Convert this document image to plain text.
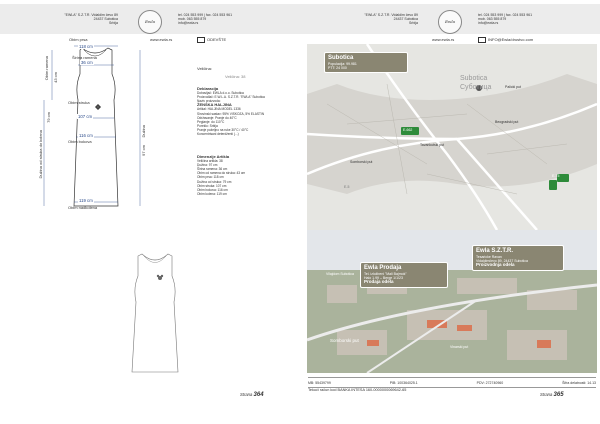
"EWLA" S.Z.T.R. Vidaldim čevo 89
24437 Subotica
Srbija	Ewla
tel. 024 553 999 | fax. 024 553 961
mob. 063 555 879
info@ewla.rs
www.ewla.rs	ODEVŠTE
Obim prsa
118 cm
Širina ramena
36 cm
Obim struka
107 cm
116 cm
Obim bokova
119 cm
Obim nadkolena
Obim ramena 43 cm
Dužina od struka do kolena
79 cm
Dužina
97 cm
Veličina:
Veličina: 38
Deklaracija
Dobavljač: EWLA d.o.o. Subotica
Proizvođač: E.W.L.A. S.Z.T.R. "EWLA" Subotica
Naziv proizvoda:
ŽENSKA HALJINA
Artikal: HALJINA MODEL 1336
Sirovinski sastav: 95% VISKOZA, 5% ELASTIN
Održavanje: Pranje do 40°C
Peglanje: do 110°C
Poreklo: Srbija
Pranje poželjno na ruke 30°C / 40°C
Koncentrisani deterdženti (...)
Dimenzije Artikla
Veličina artikla: 38
Dužina: 97 cm
Širina ramena: 36 cm
Obim od ramena do struka: 43 cm
Obim prsa: 118 cm
Dužina od struka: 79 cm
Obim struka: 107 cm
Obim bokova: 116 cm
Obim kolena: 119 cm
Strana 364
"EWLA" S.Z.T.R. Vidaldim čevo 89
24437 Subotica
Srbija	Ewla
tel. 024 553 999 | fax. 024 553 961
mob. 063 555 879
info@ewla.rs
www.ewla.rs	INFO@Ewla/drustvo.com
Subotica
Populacija: 99.981
PTT: 24 000
Subotica
Суботица
E-662
E-75
E-5
Palicki put
Beogradski put
Tavankutski put
Somborski put
Ewla Prodaja
Tel. izložbeni "Mali Bajmok"
Halo 1.99 – Berge 1/1/23
Prodaja odela
Ewla S.Z.T.R.
Tesaricke Ravan
Vidaldimčevo 89, 24437 Subotica
Proizvodnja odela
Vilajdom Subotica
Somborski put
Vinarski put
MB: 55439799	PIB: 100364025.1	PDV: 272740960	Šifra delatnosti: 14.13
Tekući račun kod BANKA INTESA 160-0000000069642-65
Strana 365
